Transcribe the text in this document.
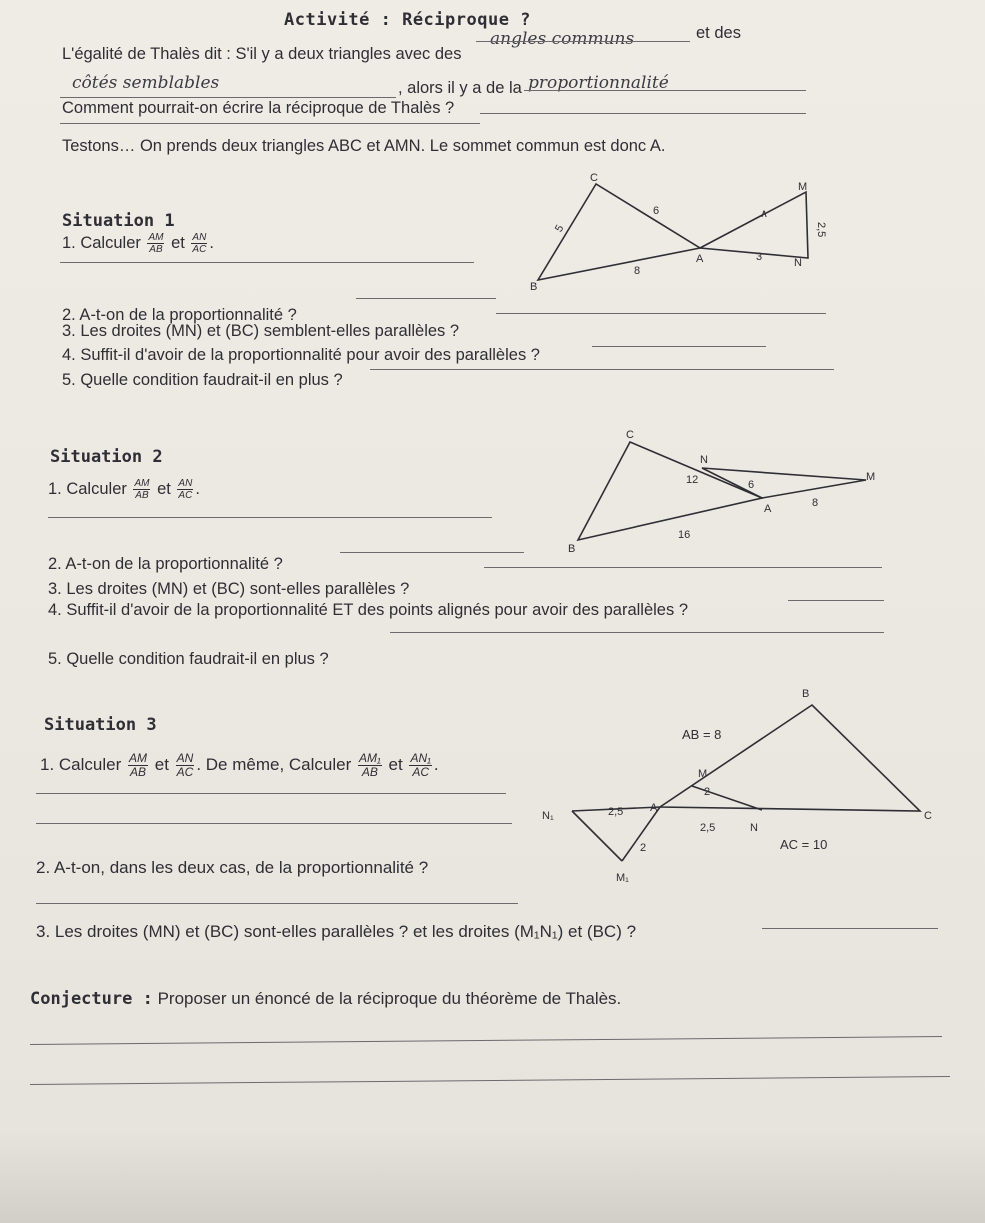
Activité : Réciproque ?
L'égalité de Thalès dit : S'il y a deux triangles avec des
angles communs	et des
côtés semblables	, alors il y a de la proportionnalité
Comment pourrait-on écrire la réciproque de Thalès ?
Testons… On prends deux triangles ABC et AMN. Le sommet commun est donc A.
Situation 1
1. Calculer $\frac{AM}{AB}$ et $\frac{AN}{AC}$ .
2. A-t-on de la proportionnalité ?
3. Les droites (MN) et (BC) semblent-elles parallèles ?
4. Suffit-il d'avoir de la proportionnalité pour avoir des parallèles ?
5. Quelle condition faudrait-il en plus ?
C
M
B
A	N
6
5
8
3
2,5
∧
Situation 2
1. Calculer $\frac{AM}{AB}$ et $\frac{AN}{AC}$ .
2. A-t-on de la proportionnalité ?
3. Les droites (MN) et (BC) sont-elles parallèles ?
4. Suffit-il d'avoir de la proportionnalité ET des points alignés pour avoir des parallèles ?
5. Quelle condition faudrait-il en plus ?
C
N
M
A
B
12	6
8
16
Situation 3
1. Calculer $\frac{AM}{AB}$ et $\frac{AN}{AC}$ . De même, Calculer $\frac{\text{AM₁}}{AB}$ et $\frac{\text{AN₁}}{AC}$ .
2. A-t-on, dans les deux cas, de la proportionnalité ?
3. Les droites (MN) et (BC) sont-elles parallèles ? et les droites (M₁N₁) et (BC) ?
B
AB = 8
M
2
N₁	2,5 A
2,5	N
C
2	AC = 10
M₁
Conjecture : Proposer un énoncé de la réciproque du théorème de Thalès.
